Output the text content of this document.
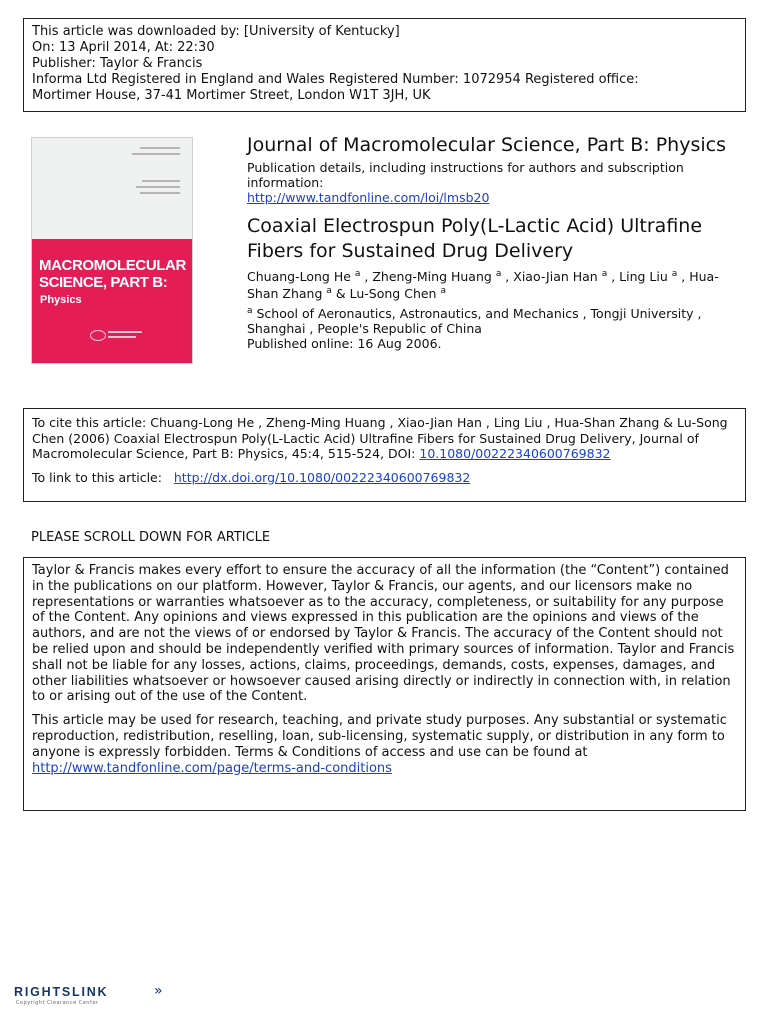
This article was downloaded by: [University of Kentucky]
On: 13 April 2014, At: 22:30
Publisher: Taylor & Francis
Informa Ltd Registered in England and Wales Registered Number: 1072954 Registered office:
Mortimer House, 37-41 Mortimer Street, London W1T 3JH, UK
MACROMOLECULAR
SCIENCE, PART B:
Physics
Journal of Macromolecular Science, Part B: Physics
Publication details, including instructions for authors and subscription information:
http://www.tandfonline.com/loi/lmsb20
Coaxial Electrospun Poly(L-Lactic Acid) Ultrafine Fibers for Sustained Drug Delivery
Chuang-Long He $^a$ , Zheng-Ming Huang $^a$ , Xiao-Jian Han $^a$ , Ling Liu $^a$ , Hua-Shan Zhang $^a$ & Lu-Song Chen $^a$
$^a$ School of Aeronautics, Astronautics, and Mechanics , Tongji University , Shanghai , People's Republic of China
Published online: 16 Aug 2006.

To cite this article: Chuang-Long He , Zheng-Ming Huang , Xiao-Jian Han , Ling Liu , Hua-Shan Zhang & Lu-Song Chen (2006) Coaxial Electrospun Poly(L-Lactic Acid) Ultrafine Fibers for Sustained Drug Delivery, Journal of Macromolecular Science, Part B: Physics, 45:4, 515-524, DOI: 10.1080/00222340600769832

To link to this article: http://dx.doi.org/10.1080/00222340600769832
PLEASE SCROLL DOWN FOR ARTICLE

Taylor & Francis makes every effort to ensure the accuracy of all the information (the “Content”) contained in the publications on our platform. However, Taylor & Francis, our agents, and our licensors make no representations or warranties whatsoever as to the accuracy, completeness, or suitability for any purpose of the Content. Any opinions and views expressed in this publication are the opinions and views of the authors, and are not the views of or endorsed by Taylor & Francis. The accuracy of the Content should not be relied upon and should be independently verified with primary sources of information. Taylor and Francis shall not be liable for any losses, actions, claims, proceedings, demands, costs, expenses, damages, and other liabilities whatsoever or howsoever caused arising directly or indirectly in connection with, in relation to or arising out of the use of the Content.

This article may be used for research, teaching, and private study purposes. Any substantial or systematic reproduction, redistribution, reselling, loan, sub-licensing, systematic supply, or distribution in any form to anyone is expressly forbidden. Terms & Conditions of access and use can be found at http://www.tandfonline.com/page/terms-and-conditions

RIGHTSLINK	»
Copyright Clearance Center
